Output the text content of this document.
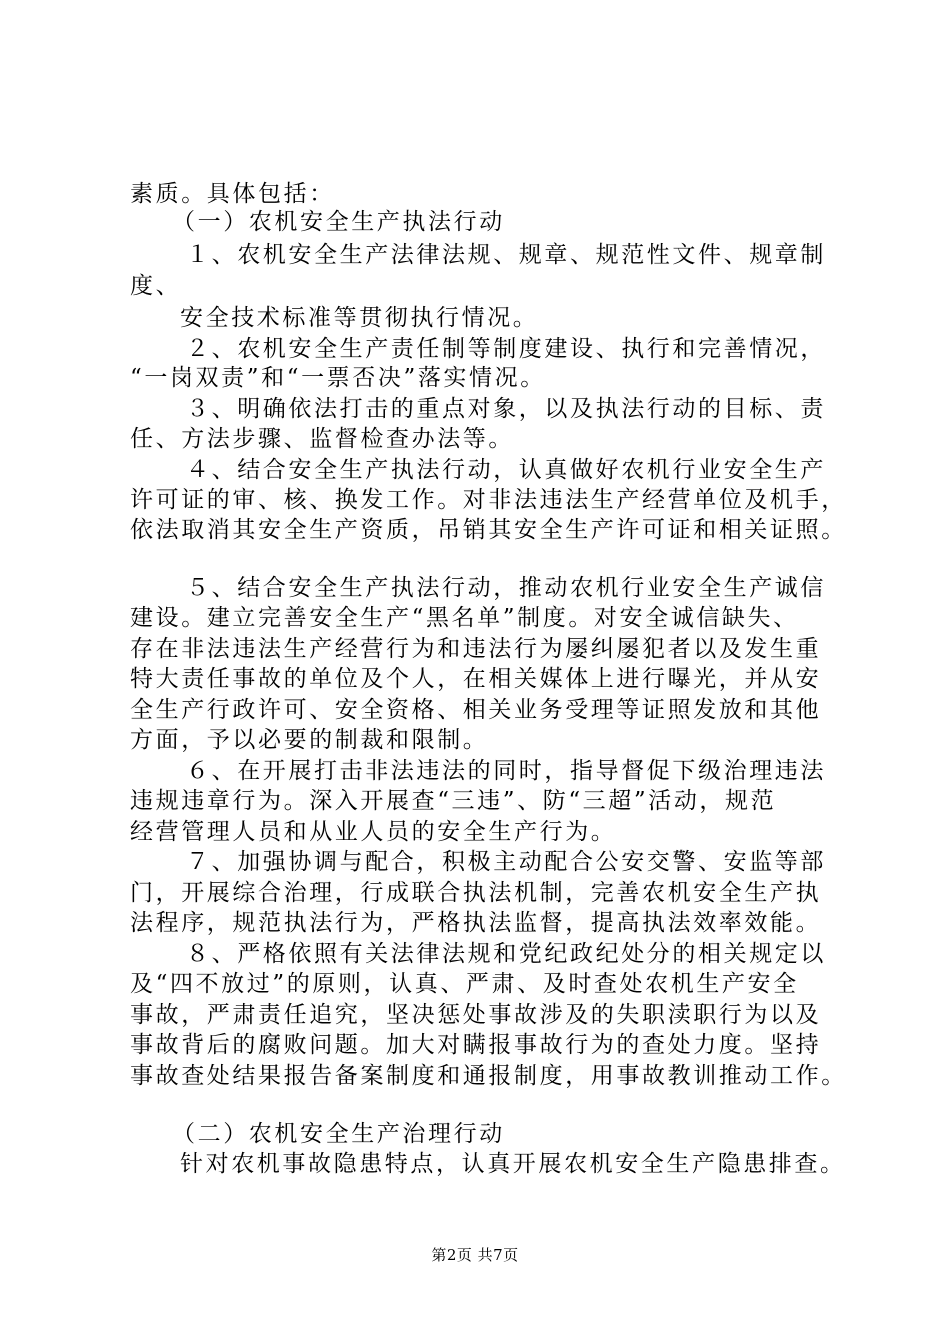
素质。具体包括：
（一）农机安全生产执法行动
１、农机安全生产法律法规、规章、规范性文件、规章制
度、
安全技术标准等贯彻执行情况。
２、农机安全生产责任制等制度建设、执行和完善情况，
“一岗双责”和“一票否决”落实情况。
３、明确依法打击的重点对象，以及执法行动的目标、责
任、方法步骤、监督检查办法等。
４、结合安全生产执法行动，认真做好农机行业安全生产
许可证的审、核、换发工作。对非法违法生产经营单位及机手，
依法取消其安全生产资质，吊销其安全生产许可证和相关证照。
５、结合安全生产执法行动，推动农机行业安全生产诚信
建设。建立完善安全生产“黑名单”制度。对安全诚信缺失、
存在非法违法生产经营行为和违法行为屡纠屡犯者以及发生重
特大责任事故的单位及个人，在相关媒体上进行曝光，并从安
全生产行政许可、安全资格、相关业务受理等证照发放和其他
方面，予以必要的制裁和限制。
６、在开展打击非法违法的同时，指导督促下级治理违法
违规违章行为。深入开展查“三违”、防“三超”活动，规范
经营管理人员和从业人员的安全生产行为。
７、加强协调与配合，积极主动配合公安交警、安监等部
门，开展综合治理，行成联合执法机制，完善农机安全生产执
法程序，规范执法行为，严格执法监督，提高执法效率效能。
８、严格依照有关法律法规和党纪政纪处分的相关规定以
及“四不放过”的原则，认真、严肃、及时查处农机生产安全
事故，严肃责任追究，坚决惩处事故涉及的失职渎职行为以及
事故背后的腐败问题。加大对瞒报事故行为的查处力度。坚持
事故查处结果报告备案制度和通报制度，用事故教训推动工作。
（二）农机安全生产治理行动
针对农机事故隐患特点，认真开展农机安全生产隐患排查。
第2页 共7页
